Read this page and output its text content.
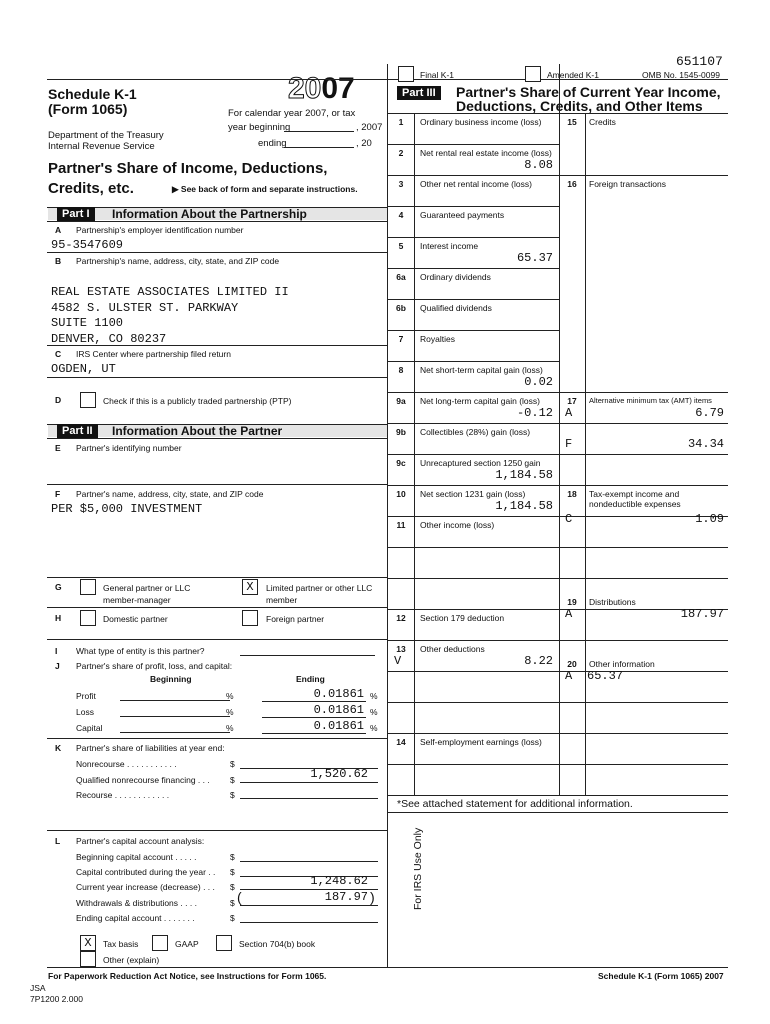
651107
Schedule K-1
(Form 1065)
2007
For calendar year 2007, or tax
year beginning	, 2007
ending	, 20
Department of the Treasury
Internal Revenue Service
Partner's Share of Income, Deductions,
Credits, etc.	▶ See back of form and separate instructions.
Final K-1	Amended K-1	OMB No. 1545-0099
Part III	Partner's Share of Current Year Income,
Deductions, Credits, and Other Items
Part I	Information About the Partnership
A Partnership's employer identification number
95-3547609
B Partnership's name, address, city, state, and ZIP code
REAL ESTATE ASSOCIATES LIMITED II
4582 S. ULSTER ST. PARKWAY
SUITE 1100
DENVER, CO 80237
C IRS Center where partnership filed return
OGDEN, UT
D	Check if this is a publicly traded partnership (PTP)
Part II	Information About the Partner
E Partner's identifying number
F Partner's name, address, city, state, and ZIP code
PER $5,000 INVESTMENT
G	General partner or LLC
member-manager
X	Limited partner or other LLC
member
H	Domestic partner	Foreign partner
I What type of entity is this partner?
J Partner's share of profit, loss, and capital:
Beginning	Ending
Profit	%	0.01861 %
Loss	%	0.01861 %
Capital	%	0.01861 %
K Partner's share of liabilities at year end:
Nonrecourse . . . . . . . . . . .	$
Qualified nonrecourse financing . . . $	1,520.62
Recourse . . . . . . . . . . . .	$
L Partner's capital account analysis:
Beginning capital account . . . . .	$
Capital contributed during the year . . $
Current year increase (decrease) . . . $	1,248.62
Withdrawals & distributions . . . .	$ (	187.97 )
Ending capital account . . . . . . .	$
X	Tax basis	GAAP	Section 704(b) book
Other (explain)
1	Ordinary business income (loss)
2	Net rental real estate income (loss)
8.08
3	Other net rental income (loss)
4	Guaranteed payments
5	Interest income
65.37
6a	Ordinary dividends
6b	Qualified dividends
7	Royalties
8	Net short-term capital gain (loss)
0.02
9a	Net long-term capital gain (loss)
-0.12
9b	Collectibles (28%) gain (loss)
9c	Unrecaptured section 1250 gain
1,184.58
10	Net section 1231 gain (loss)
1,184.58
11	Other income (loss)
12	Section 179 deduction
13	Other deductions
V	8.22
14	Self-employment earnings (loss)
15	Credits
16	Foreign transactions
17	Alternative minimum tax (AMT) items
A	6.79
F	34.34
18	Tax-exempt income and
nondeductible expenses
C	1.09
19	Distributions
A	187.97
20	Other information
A 65.37
*See attached statement for additional information.
For IRS Use Only
For Paperwork Reduction Act Notice, see Instructions for Form 1065.	Schedule K-1 (Form 1065) 2007
JSA
7P1200 2.000
